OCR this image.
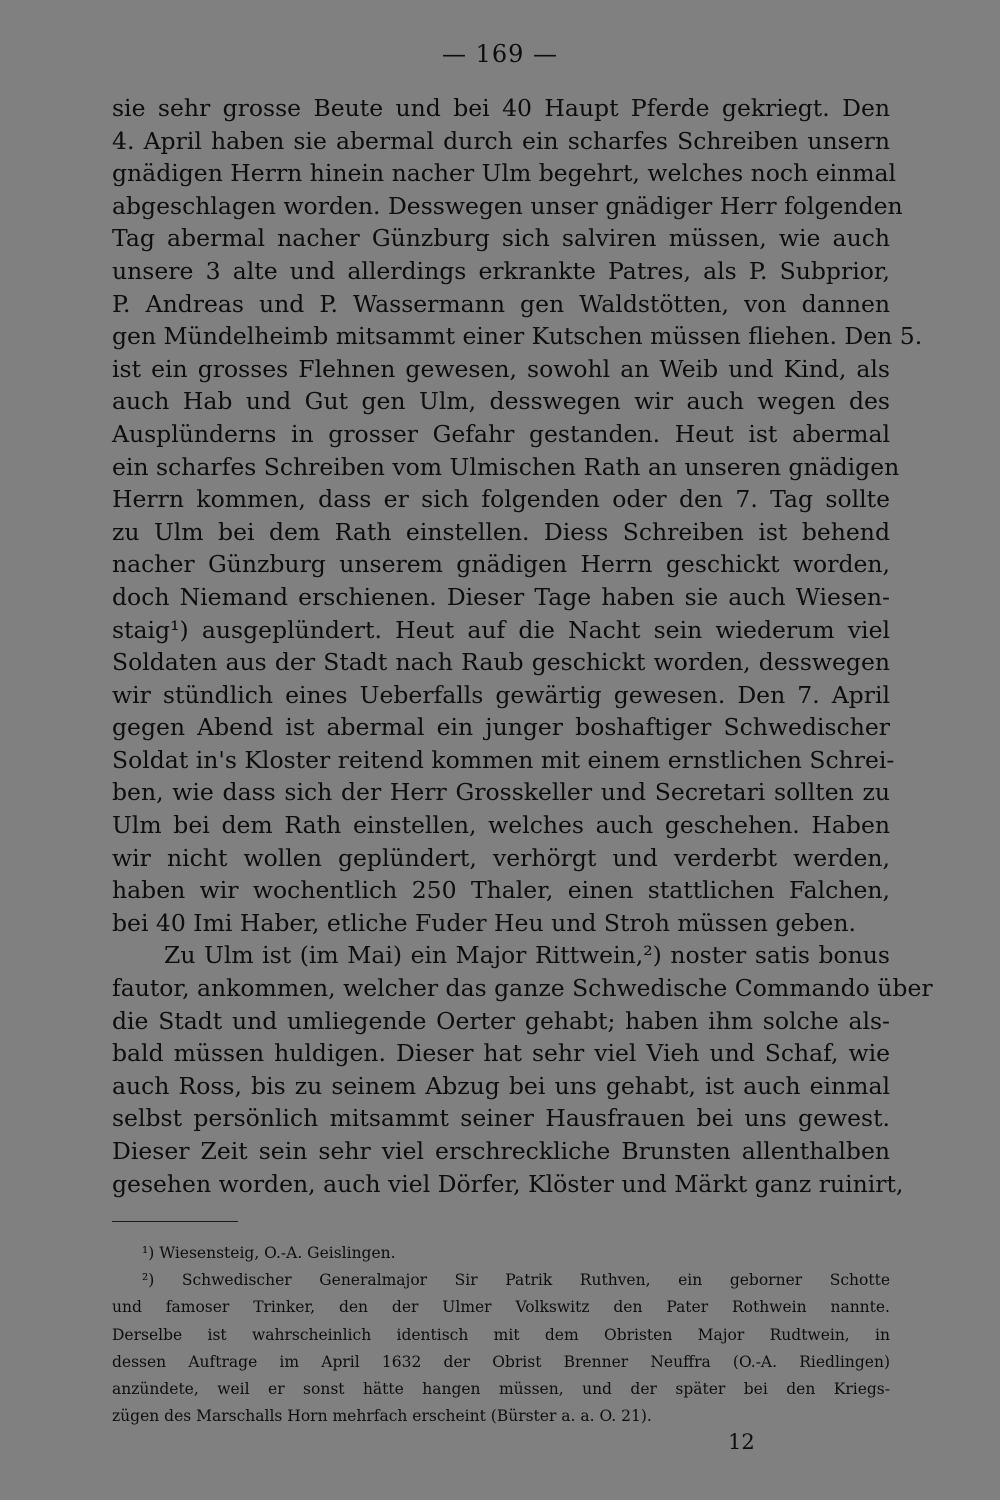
— 169 —
sie sehr grosse Beute und bei 40 Haupt Pferde gekriegt. Den
4. April haben sie abermal durch ein scharfes Schreiben unsern
gnädigen Herrn hinein nacher Ulm begehrt, welches noch einmal
abgeschlagen worden. Desswegen unser gnädiger Herr folgenden
Tag abermal nacher Günzburg sich salviren müssen, wie auch
unsere 3 alte und allerdings erkrankte Patres, als P. Subprior,
P. Andreas und P. Wassermann gen Waldstötten, von dannen
gen Mündelheimb mitsammt einer Kutschen müssen fliehen. Den 5.
ist ein grosses Flehnen gewesen, sowohl an Weib und Kind, als
auch Hab und Gut gen Ulm, desswegen wir auch wegen des
Ausplünderns in grosser Gefahr gestanden. Heut ist abermal
ein scharfes Schreiben vom Ulmischen Rath an unseren gnädigen
Herrn kommen, dass er sich folgenden oder den 7. Tag sollte
zu Ulm bei dem Rath einstellen. Diess Schreiben ist behend
nacher Günzburg unserem gnädigen Herrn geschickt worden,
doch Niemand erschienen. Dieser Tage haben sie auch Wiesen-
staig¹) ausgeplündert. Heut auf die Nacht sein wiederum viel
Soldaten aus der Stadt nach Raub geschickt worden, desswegen
wir stündlich eines Ueberfalls gewärtig gewesen. Den 7. April
gegen Abend ist abermal ein junger boshaftiger Schwedischer
Soldat in's Kloster reitend kommen mit einem ernstlichen Schrei-
ben, wie dass sich der Herr Grosskeller und Secretari sollten zu
Ulm bei dem Rath einstellen, welches auch geschehen. Haben
wir nicht wollen geplündert, verhörgt und verderbt werden,
haben wir wochentlich 250 Thaler, einen stattlichen Falchen,
bei 40 Imi Haber, etliche Fuder Heu und Stroh müssen geben.
Zu Ulm ist (im Mai) ein Major Rittwein,²) noster satis bonus
fautor, ankommen, welcher das ganze Schwedische Commando über
die Stadt und umliegende Oerter gehabt; haben ihm solche als-
bald müssen huldigen. Dieser hat sehr viel Vieh und Schaf, wie
auch Ross, bis zu seinem Abzug bei uns gehabt, ist auch einmal
selbst persönlich mitsammt seiner Hausfrauen bei uns gewest.
Dieser Zeit sein sehr viel erschreckliche Brunsten allenthalben
gesehen worden, auch viel Dörfer, Klöster und Märkt ganz ruinirt,
¹) Wiesensteig, O.-A. Geislingen.
²) Schwedischer Generalmajor Sir Patrik Ruthven, ein geborner Schotte
und famoser Trinker, den der Ulmer Volkswitz den Pater Rothwein nannte.
Derselbe ist wahrscheinlich identisch mit dem Obristen Major Rudtwein, in
dessen Auftrage im April 1632 der Obrist Brenner Neuffra (O.-A. Riedlingen)
anzündete, weil er sonst hätte hangen müssen, und der später bei den Kriegs-
zügen des Marschalls Horn mehrfach erscheint (Bürster a. a. O. 21).
12
